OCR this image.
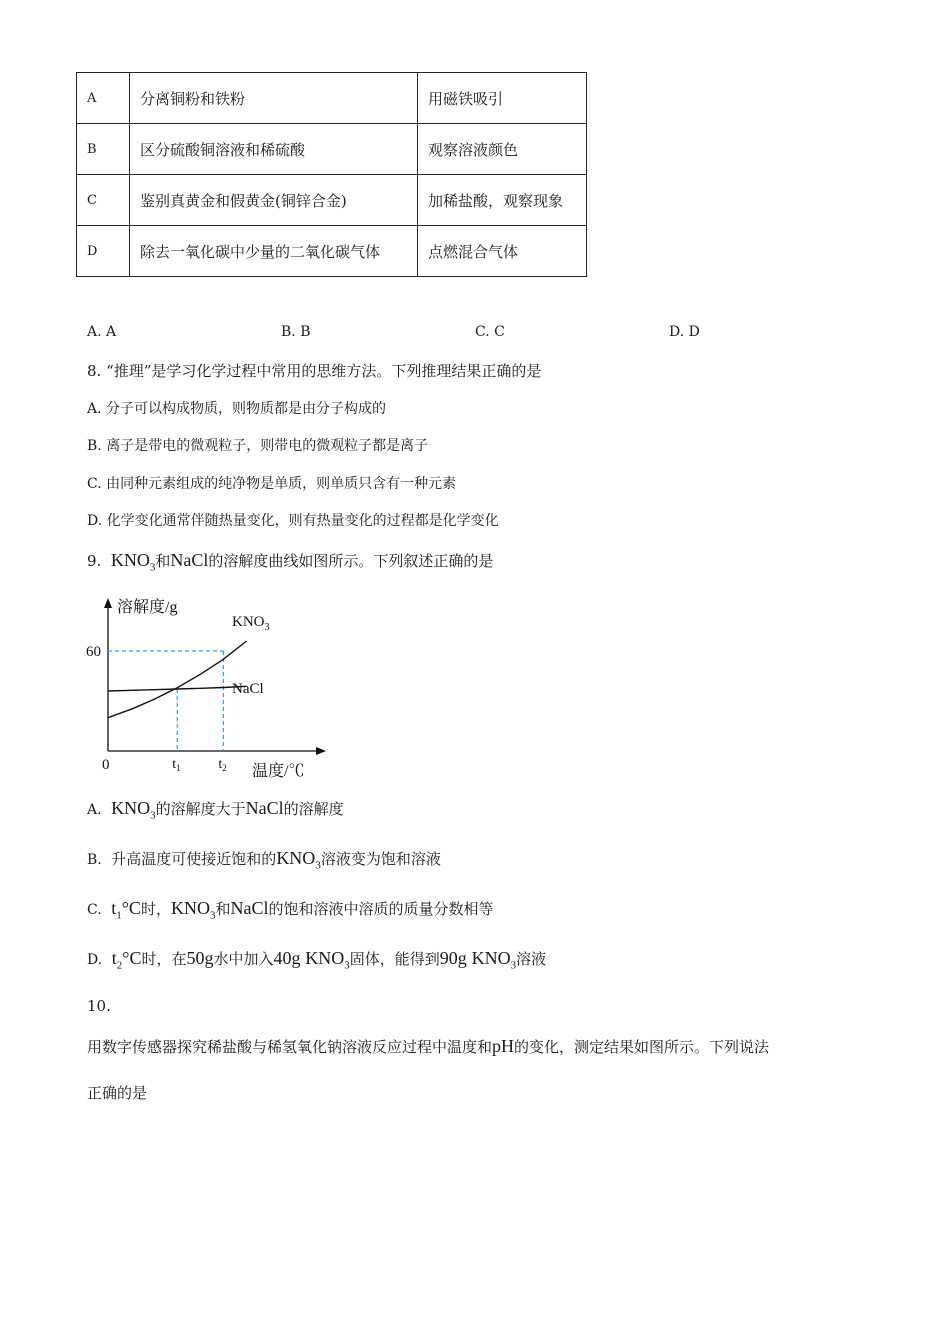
A	分离铜粉和铁粉	用磁铁吸引
B	区分硫酸铜溶液和稀硫酸	观察溶液颜色
C	鉴别真黄金和假黄金(铜锌合金)	加稀盐酸，观察现象
D	除去一氧化碳中少量的二氧化碳气体	点燃混合气体
A. A	B. B	C. C	D. D
8. “推理”是学习化学过程中常用的思维方法。下列推理结果正确的是
A. 分子可以构成物质，则物质都是由分子构成的
B. 离子是带电的微观粒子，则带电的微观粒子都是离子
C. 由同种元素组成的纯净物是单质，则单质只含有一种元素
D. 化学变化通常伴随热量变化，则有热量变化的过程都是化学变化
9. $KNO_3$和NaCl的溶解度曲线如图所示。下列叙述正确的是
$KNO_3$
NaCl
溶解度/g
60
0	温度/℃
$t_1$	$t_2$
A. $KNO_3$的溶解度大于NaCl的溶解度
B. 升高温度可使接近饱和的$KNO_3$溶液变为饱和溶液
C. $t_1^\circ C$时，$KNO_3$和NaCl的饱和溶液中溶质的质量分数相等
D. $t_2^\circ C$时，在50g水中加入40g $KNO_3$固体，能得到90g $KNO_3$溶液
10.
用数字传感器探究稀盐酸与稀氢氧化钠溶液反应过程中温度和pH的变化，测定结果如图所示。下列说法
正确的是
